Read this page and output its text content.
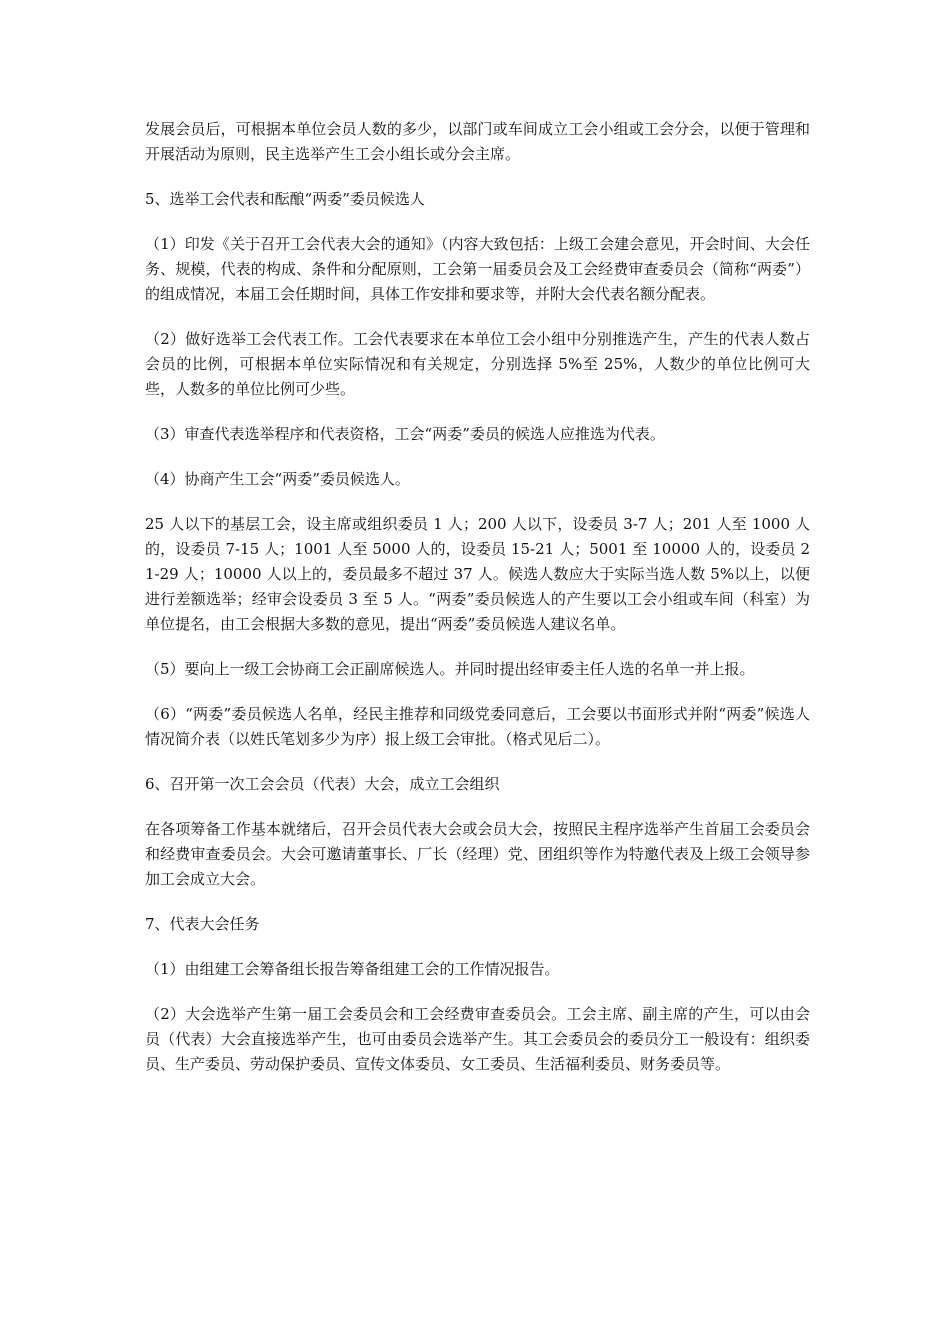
发展会员后，可根据本单位会员人数的多少，以部门或车间成立工会小组或工会分会，以便于管理和开展活动为原则，民主选举产生工会小组长或分会主席。

5、选举工会代表和酝酿“两委”委员候选人

（1）印发《关于召开工会代表大会的通知》（内容大致包括：上级工会建会意见，开会时间、大会任务、规模，代表的构成、条件和分配原则，工会第一届委员会及工会经费审查委员会（简称“两委”）的组成情况，本届工会任期时间，具体工作安排和要求等，并附大会代表名额分配表。

（2）做好选举工会代表工作。工会代表要求在本单位工会小组中分别推选产生，产生的代表人数占会员的比例，可根据本单位实际情况和有关规定，分别选择 5%至 25%，人数少的单位比例可大些，人数多的单位比例可少些。

（3）审查代表选举程序和代表资格，工会“两委”委员的候选人应推选为代表。

（4）协商产生工会“两委”委员候选人。

25 人以下的基层工会，设主席或组织委员 1 人；200 人以下，设委员 3-7 人；201 人至 1000 人的，设委员 7-15 人；1001 人至 5000 人的，设委员 15-21 人；5001 至 10000 人的，设委员 21-29 人；10000 人以上的，委员最多不超过 37 人。候选人数应大于实际当选人数 5%以上，以便进行差额选举；经审会设委员 3 至 5 人。“两委”委员候选人的产生要以工会小组或车间（科室）为单位提名，由工会根据大多数的意见，提出“两委”委员候选人建议名单。

（5）要向上一级工会协商工会正副席候选人。并同时提出经审委主任人选的名单一并上报。

（6）“两委”委员候选人名单，经民主推荐和同级党委同意后，工会要以书面形式并附“两委”候选人情况简介表（以姓氏笔划多少为序）报上级工会审批。（格式见后二）。

6、召开第一次工会会员（代表）大会，成立工会组织

在各项筹备工作基本就绪后，召开会员代表大会或会员大会，按照民主程序选举产生首届工会委员会和经费审查委员会。大会可邀请董事长、厂长（经理）党、团组织等作为特邀代表及上级工会领导参加工会成立大会。

7、代表大会任务

（1）由组建工会筹备组长报告筹备组建工会的工作情况报告。

（2）大会选举产生第一届工会委员会和工会经费审查委员会。工会主席、副主席的产生，可以由会员（代表）大会直接选举产生，也可由委员会选举产生。其工会委员会的委员分工一般设有：组织委员、生产委员、劳动保护委员、宣传文体委员、女工委员、生活福利委员、财务委员等。
